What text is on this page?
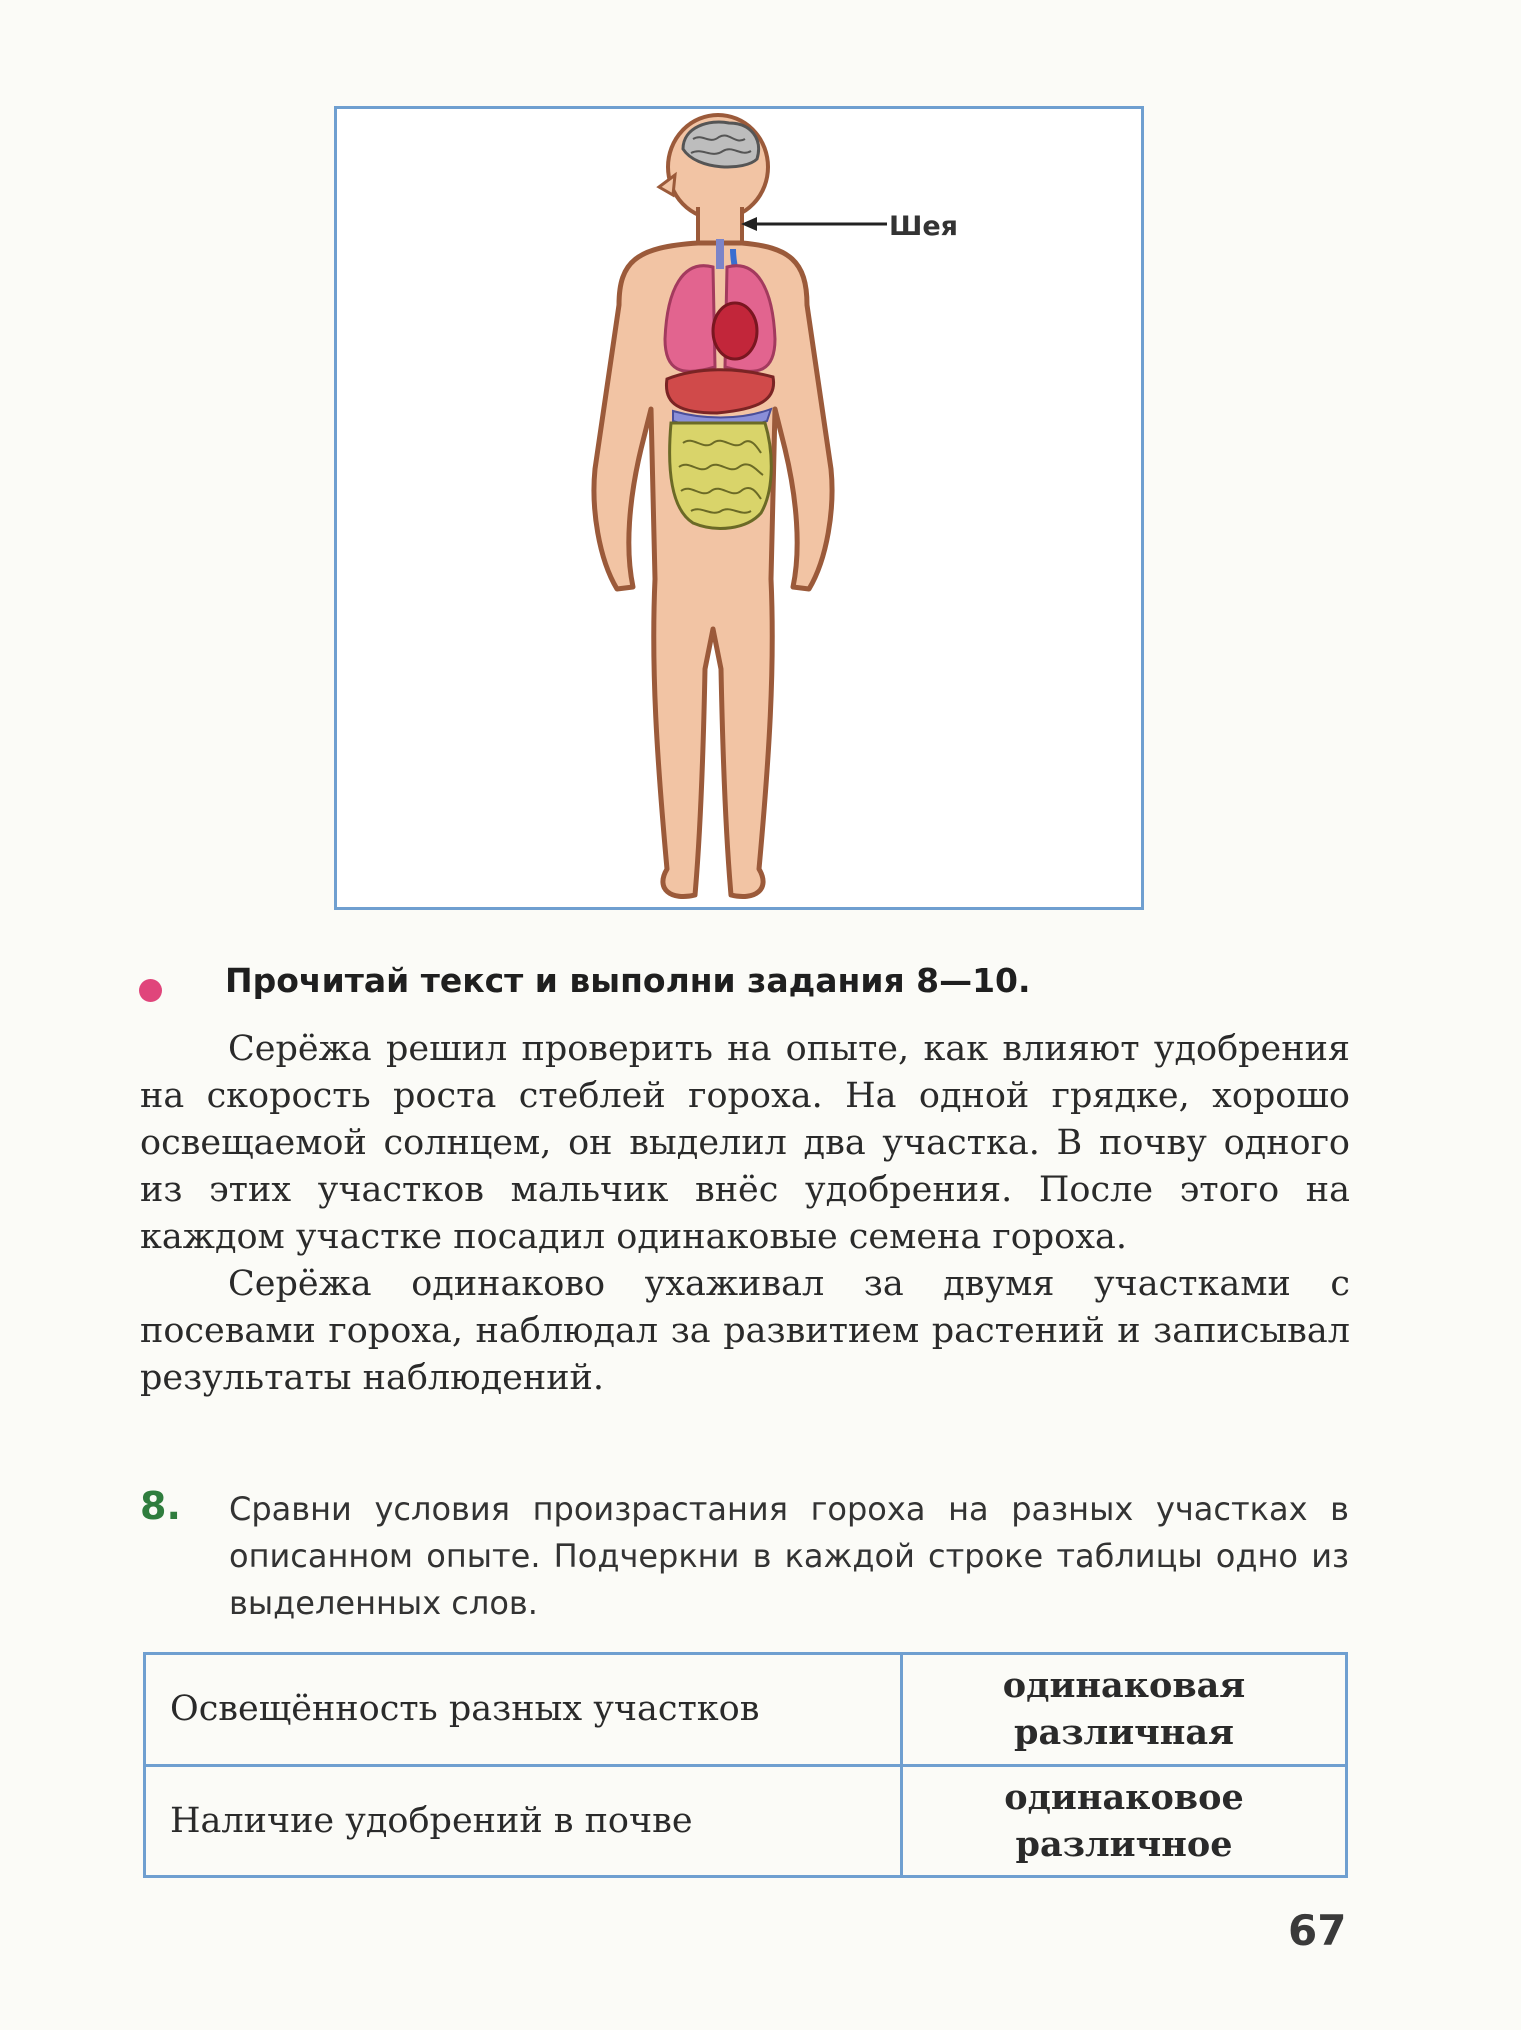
Шея
Прочитай текст и выполни задания 8—10.

Серёжа решил проверить на опыте, как влияют удобрения на скорость роста стеблей гороха. На одной грядке, хорошо освещаемой солнцем, он выделил два участка. В почву одного из этих участков мальчик внёс удобрения. После этого на каждом участке посадил одинаковые семена гороха.

Серёжа одинаково ухаживал за двумя участками с посевами гороха, наблюдал за развитием растений и записывал результаты наблюдений.

8. Сравни условия произрастания гороха на разных участках в описанном опыте. Подчеркни в каждой строке таблицы одно из выделенных слов.
Освещённость разных участков	одинаковая
различная

Наличие удобрений в почве	одинаковое
различное
67
